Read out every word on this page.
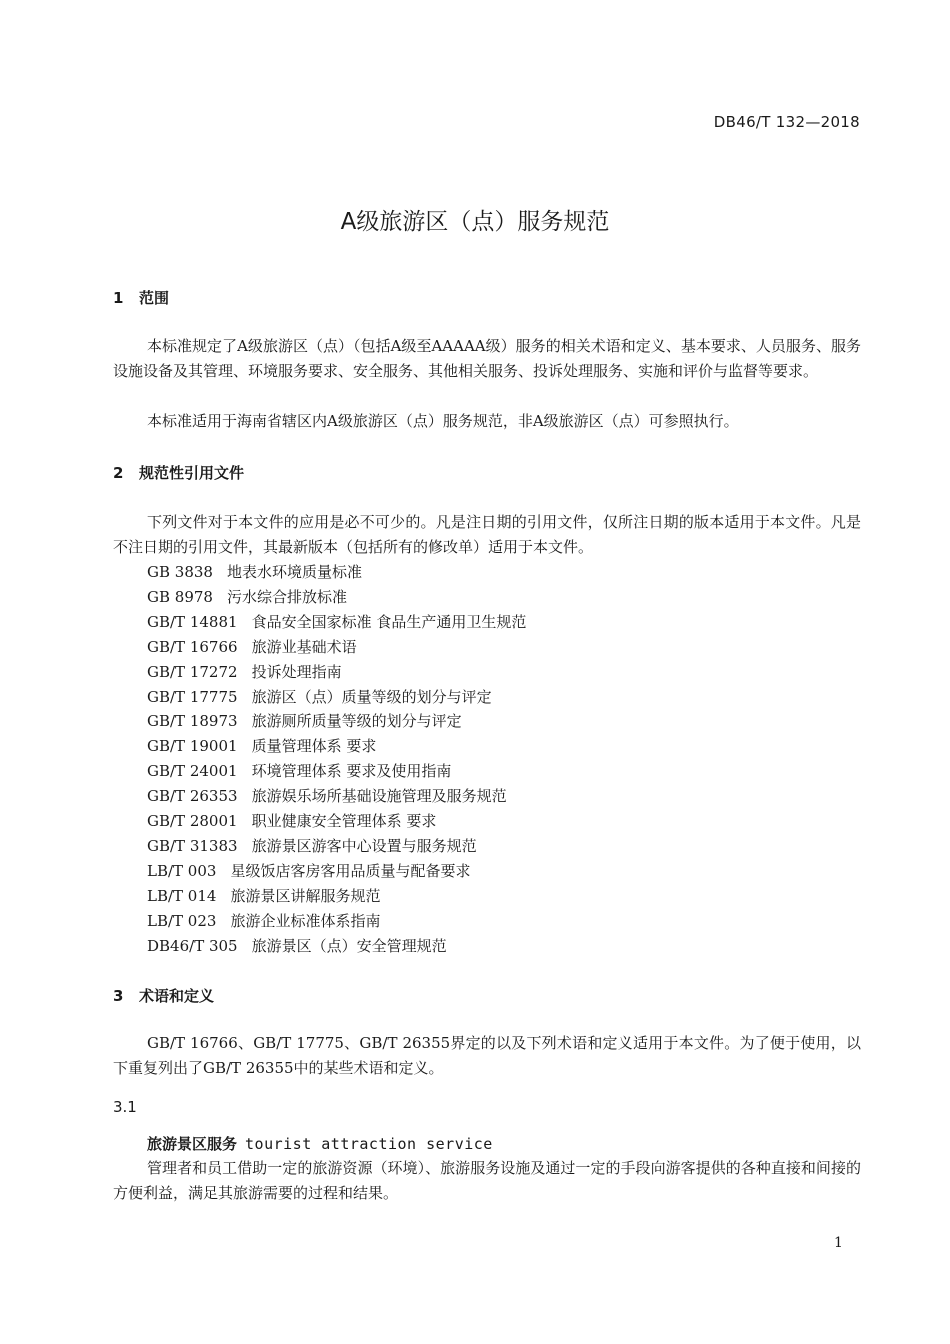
DB46/T 132—2018
A级旅游区（点）服务规范
1 范围

本标准规定了A级旅游区（点）（包括A级至AAAAA级）服务的相关术语和定义、基本要求、人员服务、服务设施设备及其管理、环境服务要求、安全服务、其他相关服务、投诉处理服务、实施和评价与监督等要求。

本标准适用于海南省辖区内A级旅游区（点）服务规范，非A级旅游区（点）可参照执行。

2 规范性引用文件

下列文件对于本文件的应用是必不可少的。凡是注日期的引用文件，仅所注日期的版本适用于本文件。凡是不注日期的引用文件，其最新版本（包括所有的修改单）适用于本文件。

GB 3838 地表水环境质量标准
GB 8978 污水综合排放标准
GB/T 14881 食品安全国家标准 食品生产通用卫生规范
GB/T 16766 旅游业基础术语
GB/T 17272 投诉处理指南
GB/T 17775 旅游区（点）质量等级的划分与评定
GB/T 18973 旅游厕所质量等级的划分与评定
GB/T 19001 质量管理体系 要求
GB/T 24001 环境管理体系 要求及使用指南
GB/T 26353 旅游娱乐场所基础设施管理及服务规范
GB/T 28001 职业健康安全管理体系 要求
GB/T 31383 旅游景区游客中心设置与服务规范
LB/T 003 星级饭店客房客用品质量与配备要求
LB/T 014 旅游景区讲解服务规范
LB/T 023 旅游企业标准体系指南
DB46/T 305 旅游景区（点）安全管理规范
3 术语和定义

GB/T 16766、GB/T 17775、GB/T 26355界定的以及下列术语和定义适用于本文件。为了便于使用，以下重复列出了GB/T 26355中的某些术语和定义。

3.1
旅游景区服务 tourist attraction service

管理者和员工借助一定的旅游资源（环境）、旅游服务设施及通过一定的手段向游客提供的各种直接和间接的方便利益，满足其旅游需要的过程和结果。

1
